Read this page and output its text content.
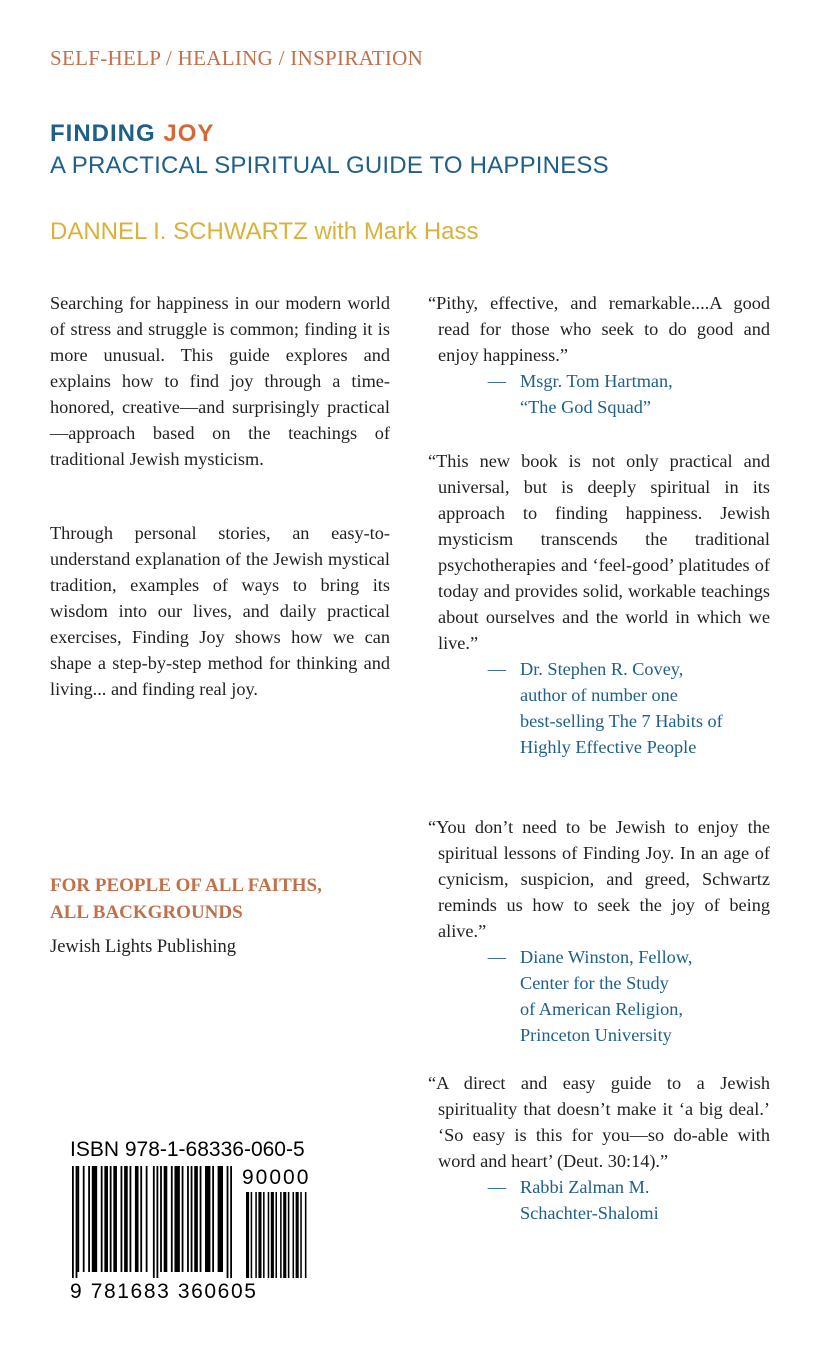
SELF-HELP / HEALING / INSPIRATION
FINDING JOY
A PRACTICAL SPIRITUAL GUIDE TO HAPPINESS
DANNEL I. SCHWARTZ with Mark Hass

Searching for happiness in our modern world of stress and struggle is common; finding it is more unusual. This guide explores and explains how to find joy through a time-honored, creative—and surprisingly practical—approach based on the teachings of traditional Jewish mysticism.

Through personal stories, an easy-to-understand explanation of the Jewish mystical tradition, examples of ways to bring its wisdom into our lives, and daily practical exercises, Finding Joy shows how we can shape a step-by-step method for thinking and living... and finding real joy.

FOR PEOPLE OF ALL FAITHS,
ALL BACKGROUNDS
Jewish Lights Publishing

“Pithy, effective, and remarkable....A good read for those who seek to do good and enjoy happiness.”

— Msgr. Tom Hartman,
“The God Squad”

“This new book is not only practical and universal, but is deeply spiritual in its approach to finding happiness. Jewish mysticism transcends the traditional psychotherapies and ‘feel-good’ platitudes of today and provides solid, workable teachings about ourselves and the world in which we live.”

— Dr. Stephen R. Covey,
author of number one
best-selling The 7 Habits of
Highly Effective People

“You don’t need to be Jewish to enjoy the spiritual lessons of Finding Joy. In an age of cynicism, suspicion, and greed, Schwartz reminds us how to seek the joy of being alive.”

— Diane Winston, Fellow,
Center for the Study
of American Religion,
Princeton University

“A direct and easy guide to a Jewish spirituality that doesn’t make it ‘a big deal.’ ‘So easy is this for you—so do-able with word and heart’ (Deut. 30:14).”

— Rabbi Zalman M.
Schachter-Shalomi
ISBN 978-1-68336-060-5
90000
9 781683 360605
